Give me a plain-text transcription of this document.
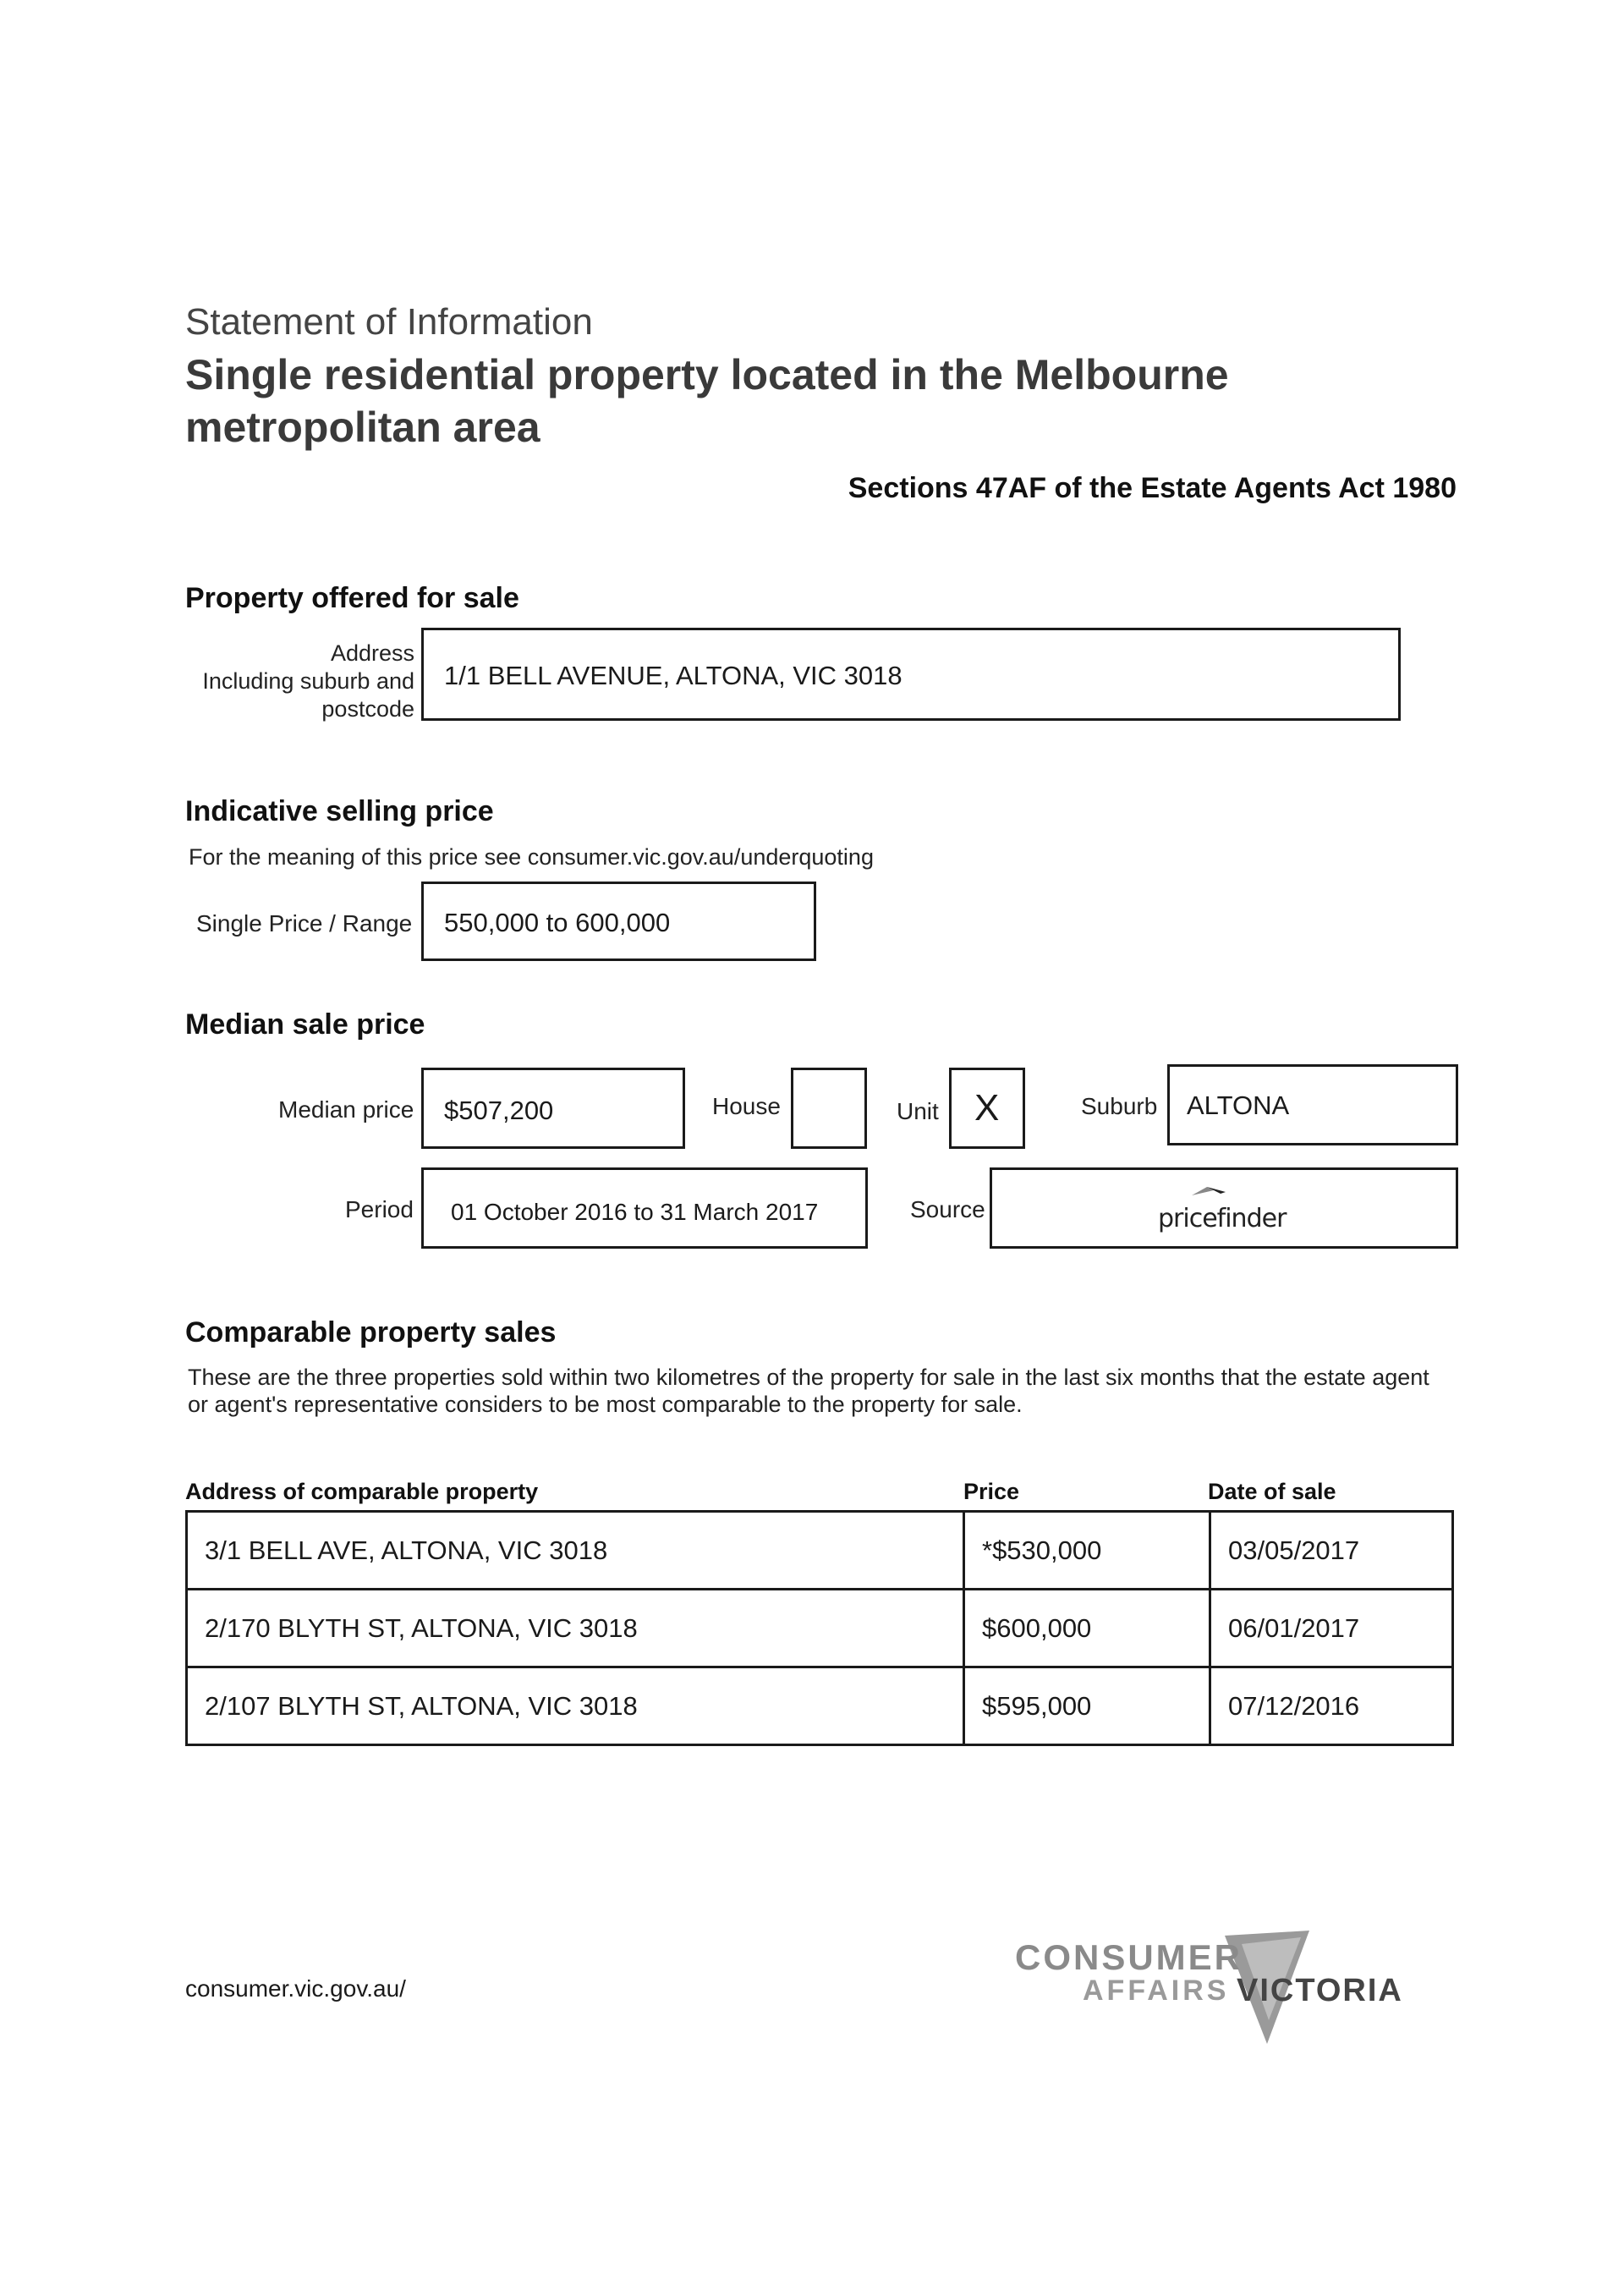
Statement of Information
Single residential property located in the Melbourne metropolitan area
Sections 47AF of the Estate Agents Act 1980
Property offered for sale
Address
Including suburb and
postcode
1/1 BELL AVENUE, ALTONA, VIC 3018
Indicative selling price
For the meaning of this price see consumer.vic.gov.au/underquoting
Single Price / Range 550,000 to 600,000
Median sale price
Median price $507,200	House	Unit X	Suburb ALTONA
Period 01 October 2016 to 31 March 2017	Source	pricefinder
Comparable property sales
These are the three properties sold within two kilometres of the property for sale in the last six months that the estate agent or agent's representative considers to be most comparable to the property for sale.
Address of comparable property	Price	Date of sale
3/1 BELL AVE, ALTONA, VIC 3018	*$530,000	03/05/2017
2/170 BLYTH ST, ALTONA, VIC 3018	$600,000	06/01/2017
2/107 BLYTH ST, ALTONA, VIC 3018	$595,000	07/12/2016
consumer.vic.gov.au/
CONSUMER
AFFAIRS VICTORIA
